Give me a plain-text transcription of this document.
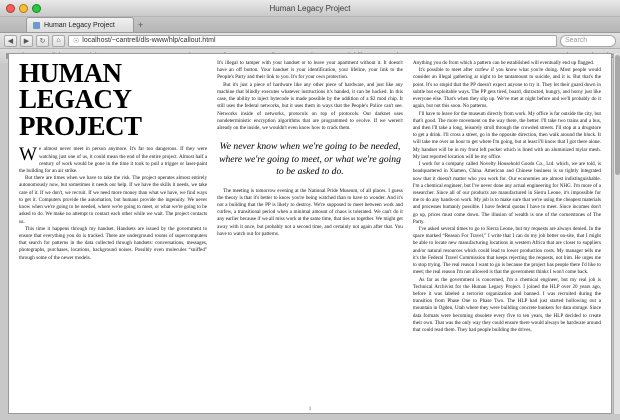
Human Legacy Project
Human Legacy Project	+
◀	▶	↻	⌂	☉ localhost/~cantrell/dls-www/hlp/callout.html	Search
HUMAN LEGACY PROJECT

We almost never meet in person anymore. It's far too dangerous. If they were watching just one of us, it could mean the end of the entire project. Almost half a century of work would be gone in the time it took to pull a trigger or laser-paint the building for an air strike.

But there are times when we have to take the risk. The project operates almost entirely autonomously now, but sometimes it needs our help. If we have the skills it needs, we take care of it. If we don't, we recruit. If we need more money than what we have, we find ways to get it. Computers provide the automation, but humans provide the ingenuity. We never know when we're going to be needed, where we're going to meet, or what we're going to be asked to do. We make no attempt to contact each other while we wait. The project contacts us.

This time it happens through my handset. Handsets are issued by the government to ensure that everything you do is tracked. There are underground rooms of supercomputers that search for patterns in the data collected through handsets: conversations, messages, photographs, purchases, locations, background noises. Possibly even molecules “sniffed” through some of the newer models.

It's illegal to tamper with your handset or to leave your apartment without it. It doesn't have an off button. Your handset is your identification, your lifeline, your link to the People's Party and their link to you. It's for your own protection.

But it's just a piece of hardware like any other piece of hardware, and just like any machine that blindly executes whatever instructions it's handed, it can be hacked. In this case, the ability to inject bytecode is made possible by the addition of a $2 mod chip. It still uses the federal networks, but it uses them in ways that the People's Police can't see. Networks inside of networks, protocols on top of protocols. Our darknet uses nondeterministic encryption algorithms that are programmed to evolve. If we weren't already on the inside, we wouldn't even know how to crack them.

We never know when we're going to be needed, where we're going to meet, or what we're going to be asked to do.

The meeting is tomorrow evening at the National Pride Museum, of all places. I guess the theory is that it's better to know you're being watched than to have to wonder. And it's not a building that the PP is likely to destroy. We're supposed to meet between work and curfew, a transitional period when a minimal amount of chaos is tolerated. We can't do it any earlier because if we all miss work at the same time, that ties us together. We might get away with it once, but probably not a second time, and certainly not again after that. You have to watch out for patterns.

Anything you do from which a pattern can be established will eventually end up flagged.

It's possible to meet after curfew if you know what you're doing. Most people would consider an illegal gathering at night to be tantamount to suicide, and it is. But that's the point. It's so stupid that the PP doesn't expect anyone to try it. They let their guard down in subtle but exploitable ways. The PP gets tired, board, distracted, hungry, and horny just like everyone else. That's when they slip up. We've met at night before and we'll probably do it again, but not this soon. No patterns.

I'll have to leave for the museum directly from work. My office is far outside the city, but that's good. The more movement on the way there, the better. I'll take two trains and a bus, and then I'll take a long, leisurely stroll through the crowded streets. I'll stop at a drugstore to get a drink. I'll cross a street, go in the opposite direction, then walk around the block. It will take me over an hour to get where I'm going, but at least I'll know that I got there alone. My handset will be in my front left pocket which is lined with an aluminized mylar mesh. My last reported location will be my office.

I work for a company called Novelty Household Goods Co., Ltd. which, we are told, is headquartered in Xiamen, China. American and Chinese business is so tightly integrated now that it doesn't matter who you work for. Our economies are almost indistinguishable. I'm a chemical engineer, but I've never done any actual engineering for NHG. I'm more of a researcher. Since all of our products are manufactured in Sierra Leone, it's impossible for me to do any hands-on work. My job is to make sure that we're using the cheapest materials and processes humanly possible. I have federal quotas I have to meet. Since incomes don't go up, prices must come down. The illusion of wealth is one of the cornerstones of The Party.

I've asked several times to go to Sierra Leone, but my requests are always denied. In the space marked “Reason For Travel,” I write that I can do my job better on-site, that I might be able to locate new manufacturing locations in western Africa that are closer to suppliers and/or natural resources which could lead to lower production costs. My manager tells me it's the Federal Travel Commission that keeps rejecting the requests, not him. He urges me to stop trying. The real reason I want to go is because the project has people there I'd like to meet; the real reason I'm not allowed is that the government thinks I won't come back.

As far as the government is concerned, I'm a chemical engineer, but my real job is Technical Archivist for the Human Legacy Project. I joined the HLP over 20 years ago, before it was labeled a terrorist organization and banned. I was recruited during the transition from Phase One to Phase Two. The HLP had just started hollowing out a mountain in Ogden, Utah where they were building concrete bunkers for data storage. Since data formats were becoming obsolete every five to ten years, the HLP decided to create their own. That was the only way they could ensure there would always be hardware around that could read them. They had people building the drives,

1
